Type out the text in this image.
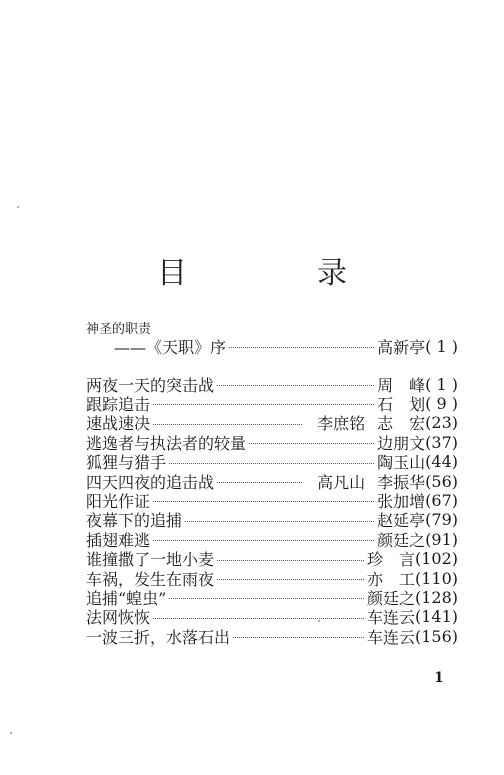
目　录
神圣的职责
——《天职》序	高新亭 ( 1 )
两夜一天的突击战	周　峰 ( 1 )
跟踪追击	石　划 ( 9 )
速战速决	李庶铭 志　宏 (23)
逃逸者与执法者的较量	边朋文 (37)
狐狸与猎手	陶玉山 (44)
四天四夜的追击战	高凡山 李振华 (56)
阳光作证	张加增 (67)
夜幕下的追捕	赵延亭 (79)
插翅难逃	颜廷之 (91)
谁撞撒了一地小麦	珍　言 (102)
车祸，发生在雨夜	亦　工 (110)
追捕“蝗虫”	颜廷之 (128)
法网恢恢	车连云 (141)
一波三折，水落石出	车连云 (156)
1
